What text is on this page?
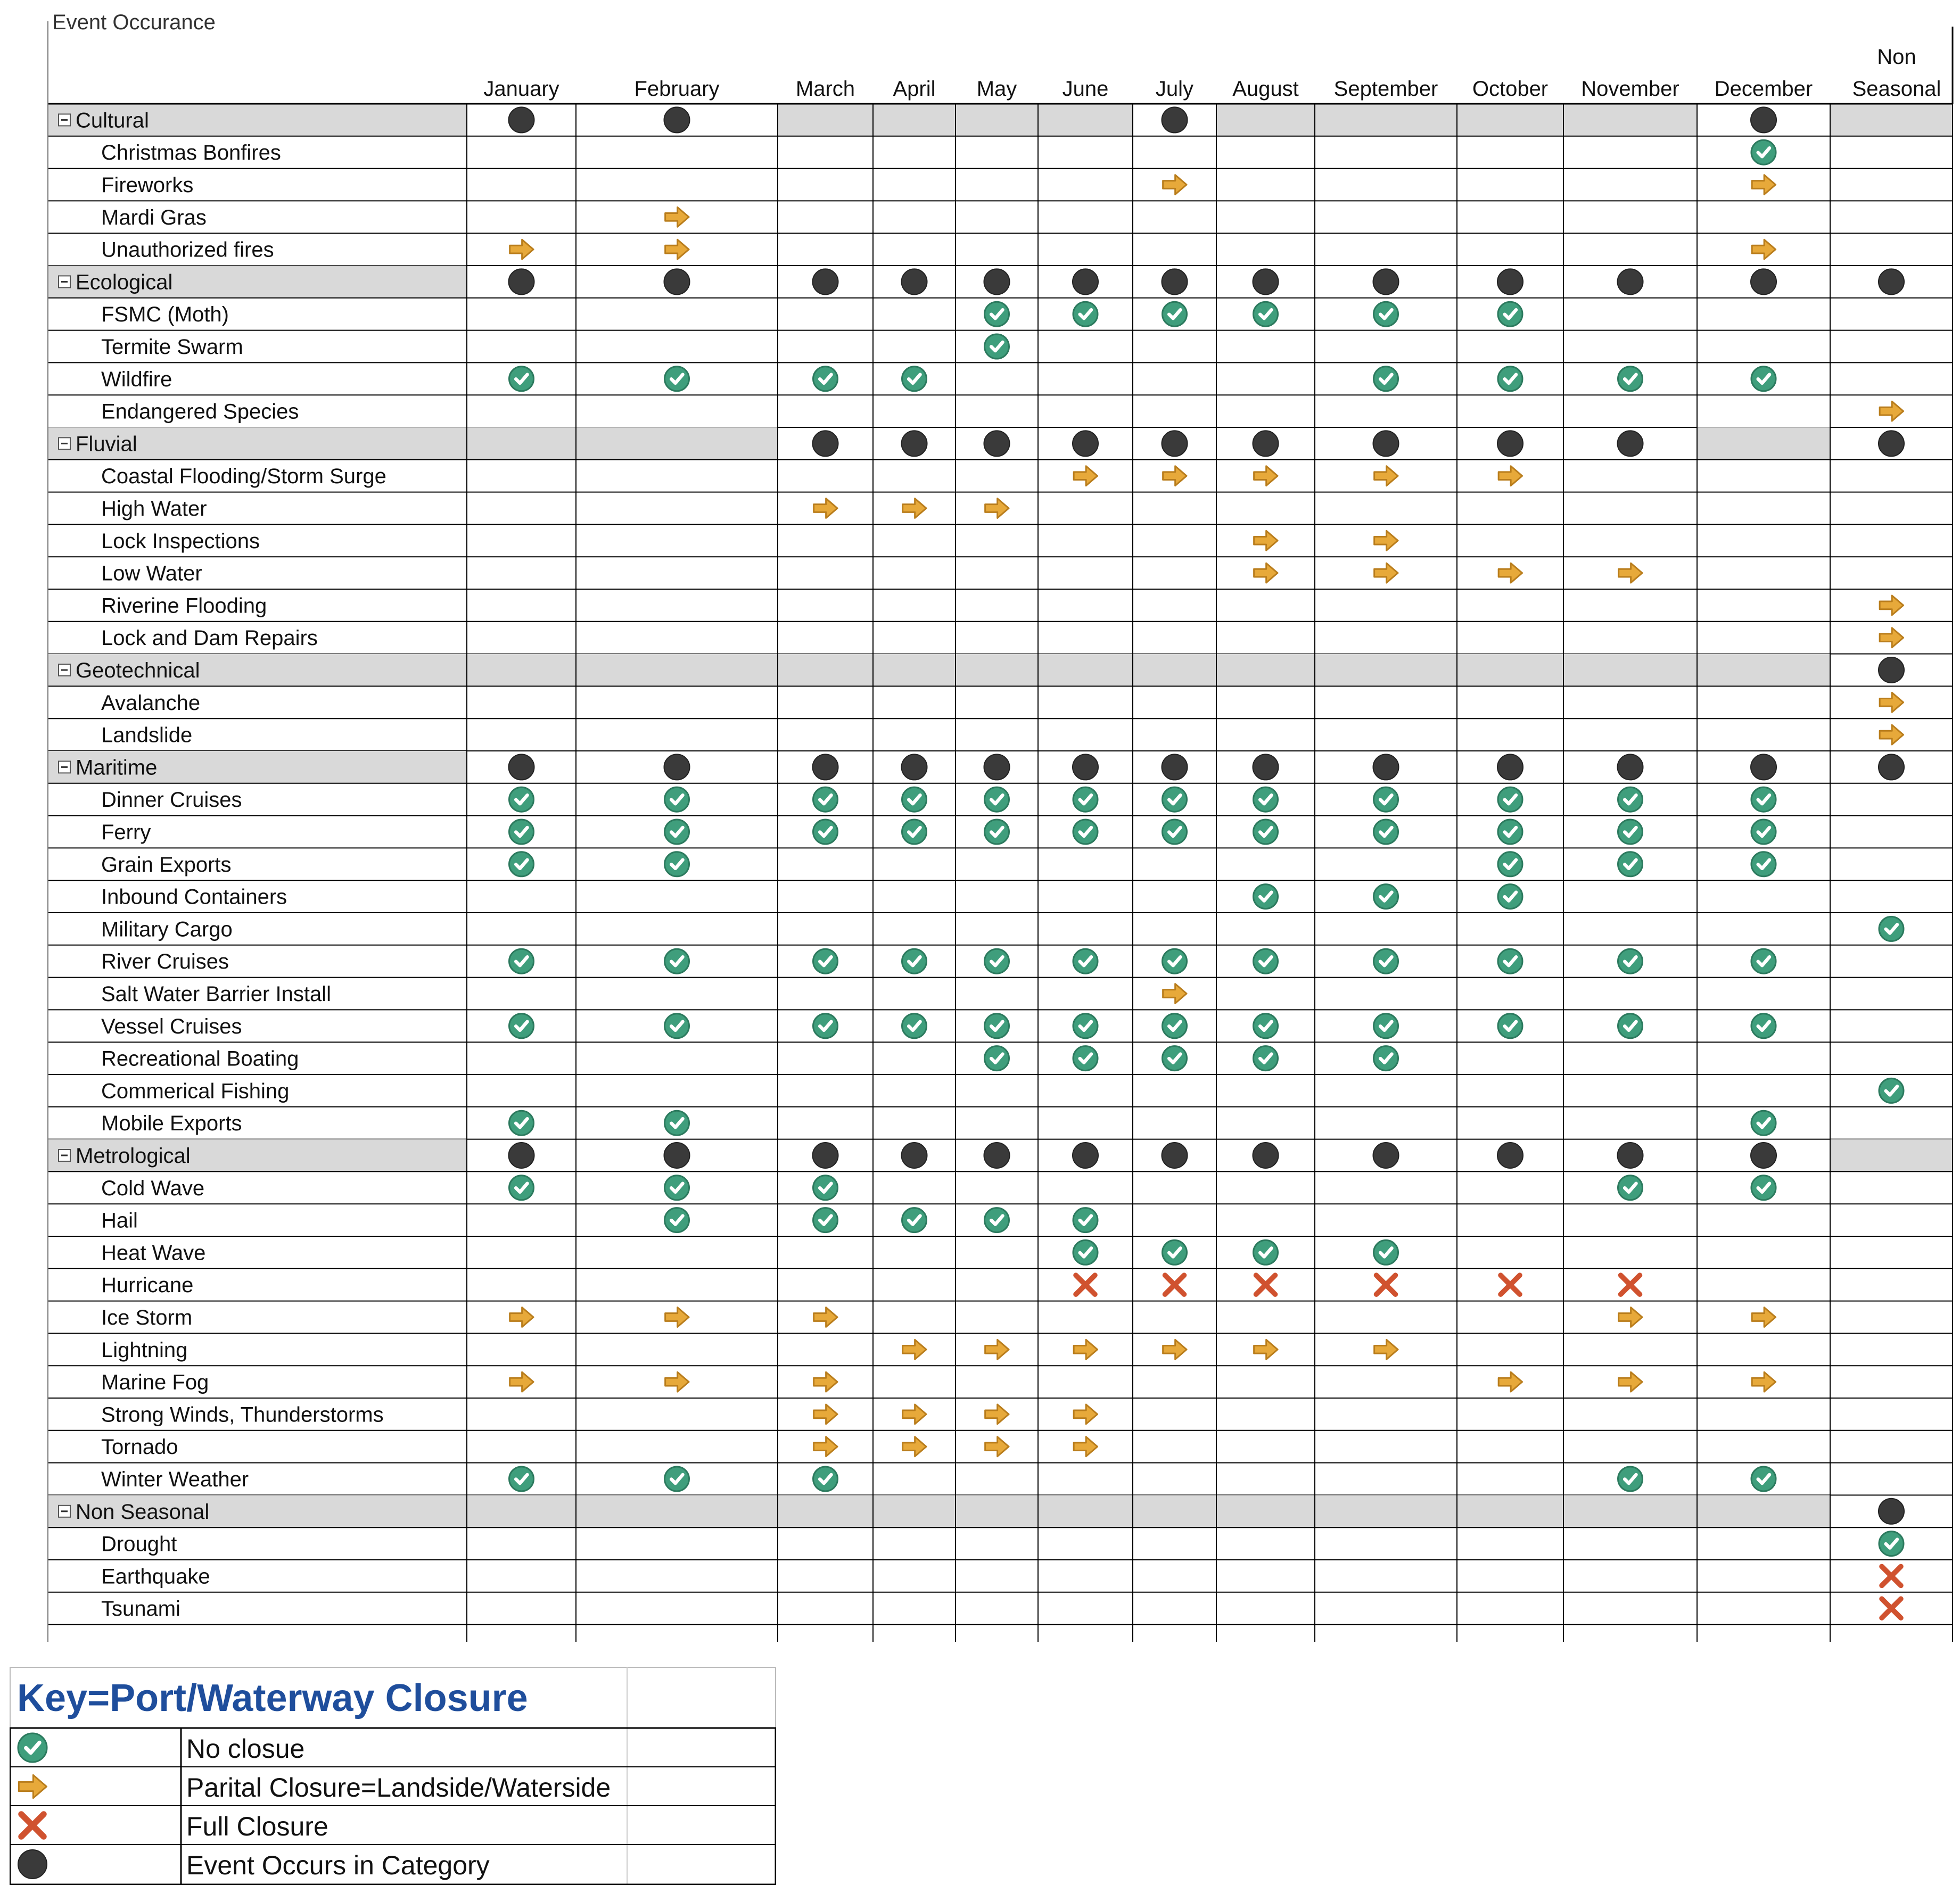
Event Occurance
January	February	March April May June July August September October November December
Non
Seasonal
Cultural
Christmas Bonfires
Fireworks
Mardi Gras
Unauthorized fires
Ecological
FSMC (Moth)
Termite Swarm
Wildfire
Endangered Species
Fluvial
Coastal Flooding/Storm Surge
High Water
Lock Inspections
Low Water
Riverine Flooding
Lock and Dam Repairs
Geotechnical
Avalanche
Landslide
Maritime
Dinner Cruises
Ferry
Grain Exports
Inbound Containers
Military Cargo
River Cruises
Salt Water Barrier Install
Vessel Cruises
Recreational Boating
Commerical Fishing
Mobile Exports
Metrological
Cold Wave
Hail
Heat Wave
Hurricane
Ice Storm
Lightning
Marine Fog
Strong Winds, Thunderstorms
Tornado
Winter Weather
Non Seasonal
Drought
Earthquake
Tsunami
Key=Port/Waterway Closure
No closue
Parital Closure=Landside/Waterside
Full Closure
Event Occurs in Category
